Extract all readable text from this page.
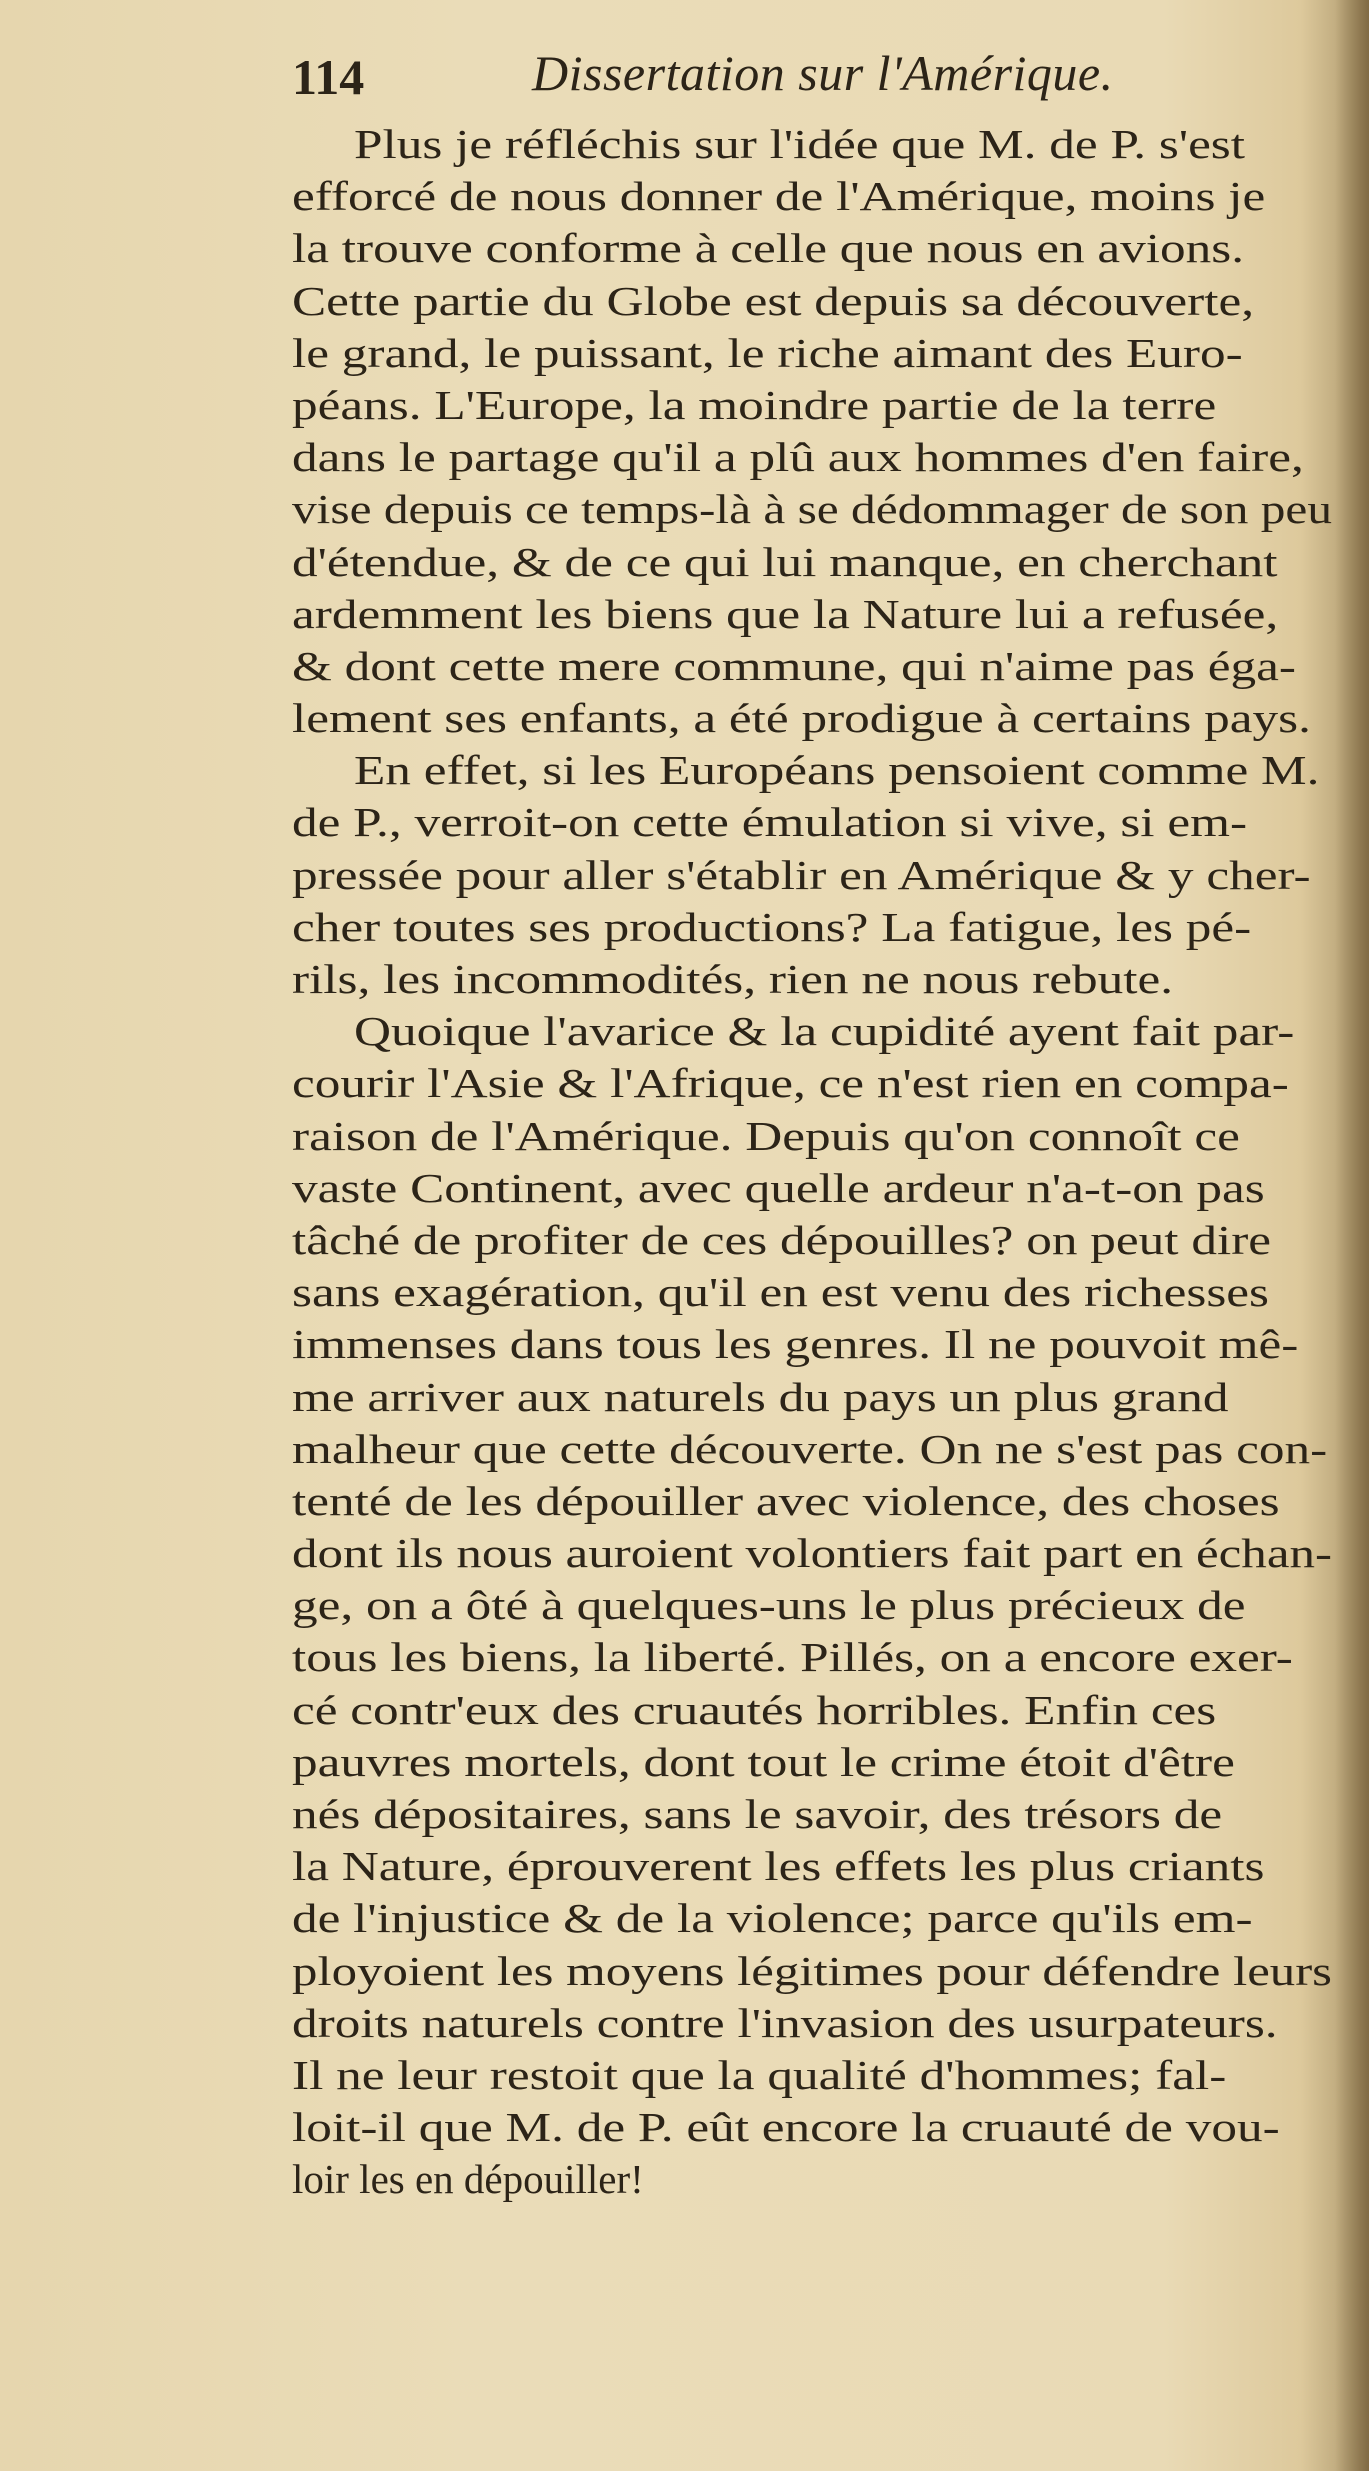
114	Dissertation sur l'Amérique.
Plus je réfléchis sur l'idée que M. de P. s'est
efforcé de nous donner de l'Amérique, moins je
la trouve conforme à celle que nous en avions.
Cette partie du Globe est depuis sa découverte,
le grand, le puissant, le riche aimant des Euro-
péans. L'Europe, la moindre partie de la terre
dans le partage qu'il a plû aux hommes d'en faire,
vise depuis ce temps-là à se dédommager de son peu
d'étendue, & de ce qui lui manque, en cherchant
ardemment les biens que la Nature lui a refusée,
& dont cette mere commune, qui n'aime pas éga-
lement ses enfants, a été prodigue à certains pays.
En effet, si les Européans pensoient comme M.
de P., verroit-on cette émulation si vive, si em-
pressée pour aller s'établir en Amérique & y cher-
cher toutes ses productions? La fatigue, les pé-
rils, les incommodités, rien ne nous rebute.
Quoique l'avarice & la cupidité ayent fait par-
courir l'Asie & l'Afrique, ce n'est rien en compa-
raison de l'Amérique. Depuis qu'on connoît ce
vaste Continent, avec quelle ardeur n'a-t-on pas
tâché de profiter de ces dépouilles? on peut dire
sans exagération, qu'il en est venu des richesses
immenses dans tous les genres. Il ne pouvoit mê-
me arriver aux naturels du pays un plus grand
malheur que cette découverte. On ne s'est pas con-
tenté de les dépouiller avec violence, des choses
dont ils nous auroient volontiers fait part en échan-
ge, on a ôté à quelques-uns le plus précieux de
tous les biens, la liberté. Pillés, on a encore exer-
cé contr'eux des cruautés horribles. Enfin ces
pauvres mortels, dont tout le crime étoit d'être
nés dépositaires, sans le savoir, des trésors de
la Nature, éprouverent les effets les plus criants
de l'injustice & de la violence; parce qu'ils em-
ployoient les moyens légitimes pour défendre leurs
droits naturels contre l'invasion des usurpateurs.
Il ne leur restoit que la qualité d'hommes; fal-
loit-il que M. de P. eût encore la cruauté de vou-
loir les en dépouiller!
